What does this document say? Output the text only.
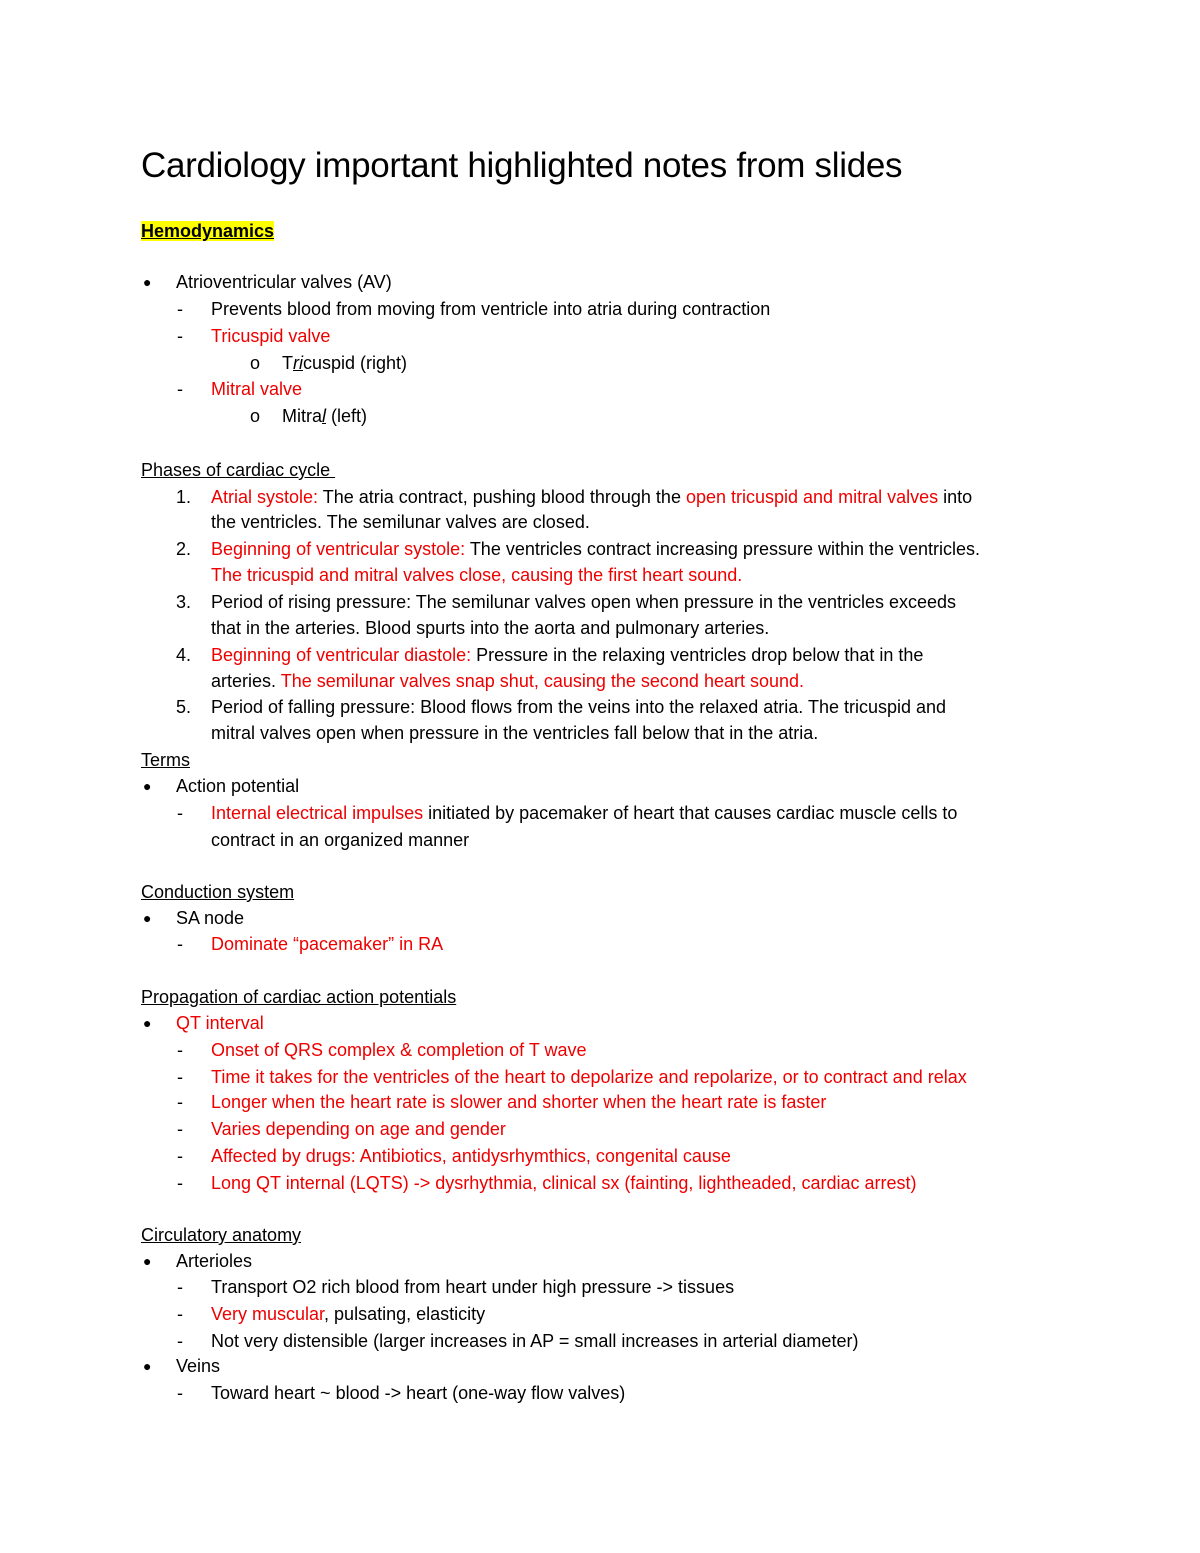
Cardiology important highlighted notes from slides
Hemodynamics
● Atrioventricular valves (AV)
- Prevents blood from moving from ventricle into atria during contraction
- Tricuspid valve
o Tricuspid (right)
- Mitral valve
o Mitral (left)
Phases of cardiac cycle
1. Atrial systole: The atria contract, pushing blood through the open tricuspid and mitral valves into
the ventricles. The semilunar valves are closed.
2. Beginning of ventricular systole: The ventricles contract increasing pressure within the ventricles.
The tricuspid and mitral valves close, causing the first heart sound.
3. Period of rising pressure: The semilunar valves open when pressure in the ventricles exceeds
that in the arteries. Blood spurts into the aorta and pulmonary arteries.
4. Beginning of ventricular diastole: Pressure in the relaxing ventricles drop below that in the
arteries. The semilunar valves snap shut, causing the second heart sound.
5. Period of falling pressure: Blood flows from the veins into the relaxed atria. The tricuspid and
mitral valves open when pressure in the ventricles fall below that in the atria.
Terms
● Action potential
- Internal electrical impulses initiated by pacemaker of heart that causes cardiac muscle cells to
contract in an organized manner
Conduction system
● SA node
- Dominate “pacemaker” in RA
Propagation of cardiac action potentials
● QT interval
- Onset of QRS complex & completion of T wave
- Time it takes for the ventricles of the heart to depolarize and repolarize, or to contract and relax
- Longer when the heart rate is slower and shorter when the heart rate is faster
- Varies depending on age and gender
- Affected by drugs: Antibiotics, antidysrhymthics, congenital cause
- Long QT internal (LQTS) -> dysrhythmia, clinical sx (fainting, lightheaded, cardiac arrest)
Circulatory anatomy
● Arterioles
- Transport O2 rich blood from heart under high pressure -> tissues
- Very muscular, pulsating, elasticity
- Not very distensible (larger increases in AP = small increases in arterial diameter)
● Veins
- Toward heart ~ blood -> heart (one-way flow valves)
